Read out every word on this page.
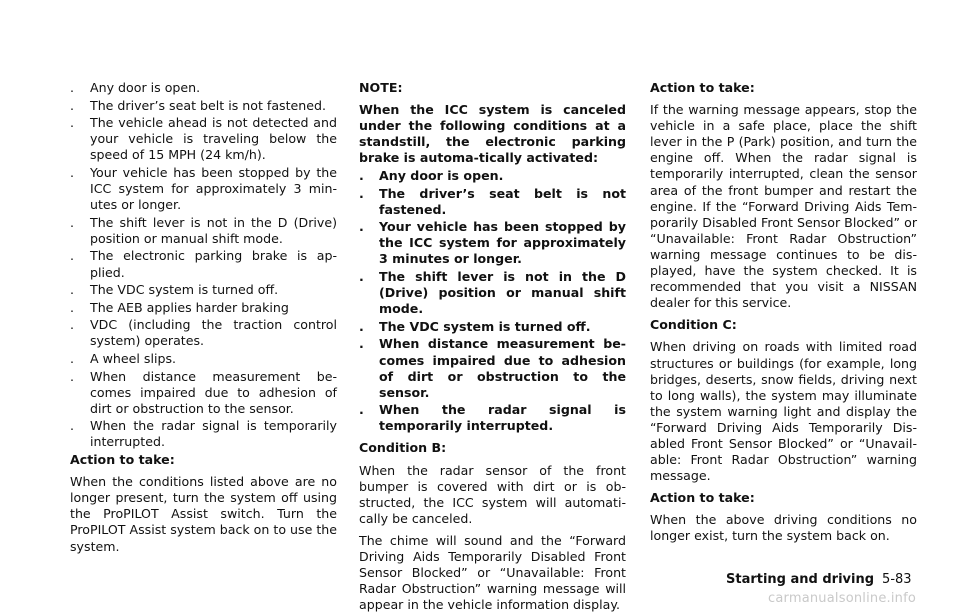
.	Any door is open.
.	The driver’s seat belt is not fastened.
.	The vehicle ahead is not detected and your vehicle is traveling below the speed of 15 MPH (24 km/h).
.	Your vehicle has been stopped by the ICC system for approximately 3 min-utes or longer.
.	The shift lever is not in the D (Drive) position or manual shift mode.
.	The electronic parking brake is ap-plied.
.	The VDC system is turned off.
.	The AEB applies harder braking
.	VDC (including the traction control system) operates.
.	A wheel slips.
.	When distance measurement be-comes impaired due to adhesion of dirt or obstruction to the sensor.
.	When the radar signal is temporarily interrupted.
Action to take:
When the conditions listed above are no longer present, turn the system off using the ProPILOT Assist switch. Turn the ProPILOT Assist system back on to use the system.
NOTE:
When the ICC system is canceled under the following conditions at a standstill, the electronic parking brake is automa-tically activated:
.	Any door is open.
.	The driver’s seat belt is not fastened.
.	Your vehicle has been stopped by the ICC system for approximately 3 minutes or longer.
.	The shift lever is not in the D (Drive) position or manual shift mode.
.	The VDC system is turned off.
.	When distance measurement be-comes impaired due to adhesion of dirt or obstruction to the sensor.
.	When the radar signal is temporarily interrupted.
Condition B:
When the radar sensor of the front bumper is covered with dirt or is ob-structed, the ICC system will automati-cally be canceled.
The chime will sound and the “Forward Driving Aids Temporarily Disabled Front Sensor Blocked” or “Unavailable: Front Radar Obstruction” warning message will appear in the vehicle information display.
Action to take:
If the warning message appears, stop the vehicle in a safe place, place the shift lever in the P (Park) position, and turn the engine off. When the radar signal is temporarily interrupted, clean the sensor area of the front bumper and restart the engine. If the “Forward Driving Aids Tem-porarily Disabled Front Sensor Blocked” or “Unavailable: Front Radar Obstruction” warning message continues to be dis-played, have the system checked. It is recommended that you visit a NISSAN dealer for this service.
Condition C:
When driving on roads with limited road structures or buildings (for example, long bridges, deserts, snow fields, driving next to long walls), the system may illuminate the system warning light and display the “Forward Driving Aids Temporarily Dis-abled Front Sensor Blocked” or “Unavail-able: Front Radar Obstruction” warning message.
Action to take:
When the above driving conditions no longer exist, turn the system back on.
Starting and driving 5-83
carmanualsonline.info
